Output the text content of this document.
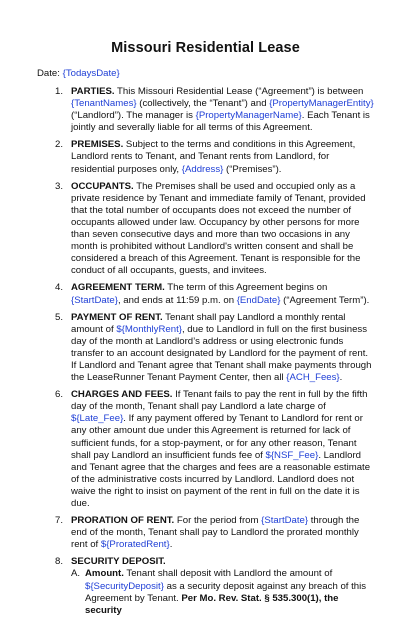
Missouri Residential Lease
Date: {TodaysDate}
1. PARTIES. This Missouri Residential Lease (“Agreement”) is between {TenantNames} (collectively, the “Tenant”) and {PropertyManagerEntity} (“Landlord”). The manager is {PropertyManagerName}. Each Tenant is jointly and severally liable for all terms of this Agreement.
2. PREMISES. Subject to the terms and conditions in this Agreement, Landlord rents to Tenant, and Tenant rents from Landlord, for residential purposes only, {Address} (“Premises”).
3. OCCUPANTS. The Premises shall be used and occupied only as a private residence by Tenant and immediate family of Tenant, provided that the total number of occupants does not exceed the number of occupants allowed under law. Occupancy by other persons for more than seven consecutive days and more than two occasions in any month is prohibited without Landlord's written consent and shall be considered a breach of this Agreement. Tenant is responsible for the conduct of all occupants, guests, and invitees.
4. AGREEMENT TERM. The term of this Agreement begins on {StartDate}, and ends at 11:59 p.m. on {EndDate} (“Agreement Term”).
5. PAYMENT OF RENT. Tenant shall pay Landlord a monthly rental amount of ${MonthlyRent}, due to Landlord in full on the first business day of the month at Landlord’s address or using electronic funds transfer to an account designated by Landlord for the payment of rent. If Landlord and Tenant agree that Tenant shall make payments through the LeaseRunner Tenant Payment Center, then all {ACH_Fees}.
6. CHARGES AND FEES. If Tenant fails to pay the rent in full by the fifth day of the month, Tenant shall pay Landlord a late charge of ${Late_Fee}. If any payment offered by Tenant to Landlord for rent or any other amount due under this Agreement is returned for lack of sufficient funds, for a stop-payment, or for any other reason, Tenant shall pay Landlord an insufficient funds fee of ${NSF_Fee}. Landlord and Tenant agree that the charges and fees are a reasonable estimate of the administrative costs incurred by Landlord. Landlord does not waive the right to insist on payment of the rent in full on the date it is due.
7. PRORATION OF RENT. For the period from {StartDate} through the end of the month, Tenant shall pay to Landlord the prorated monthly rent of ${ProratedRent}.
8. SECURITY DEPOSIT.
A. Amount. Tenant shall deposit with Landlord the amount of ${SecurityDeposit} as a security deposit against any breach of this Agreement by Tenant. Per Mo. Rev. Stat. § 535.300(1), the security
